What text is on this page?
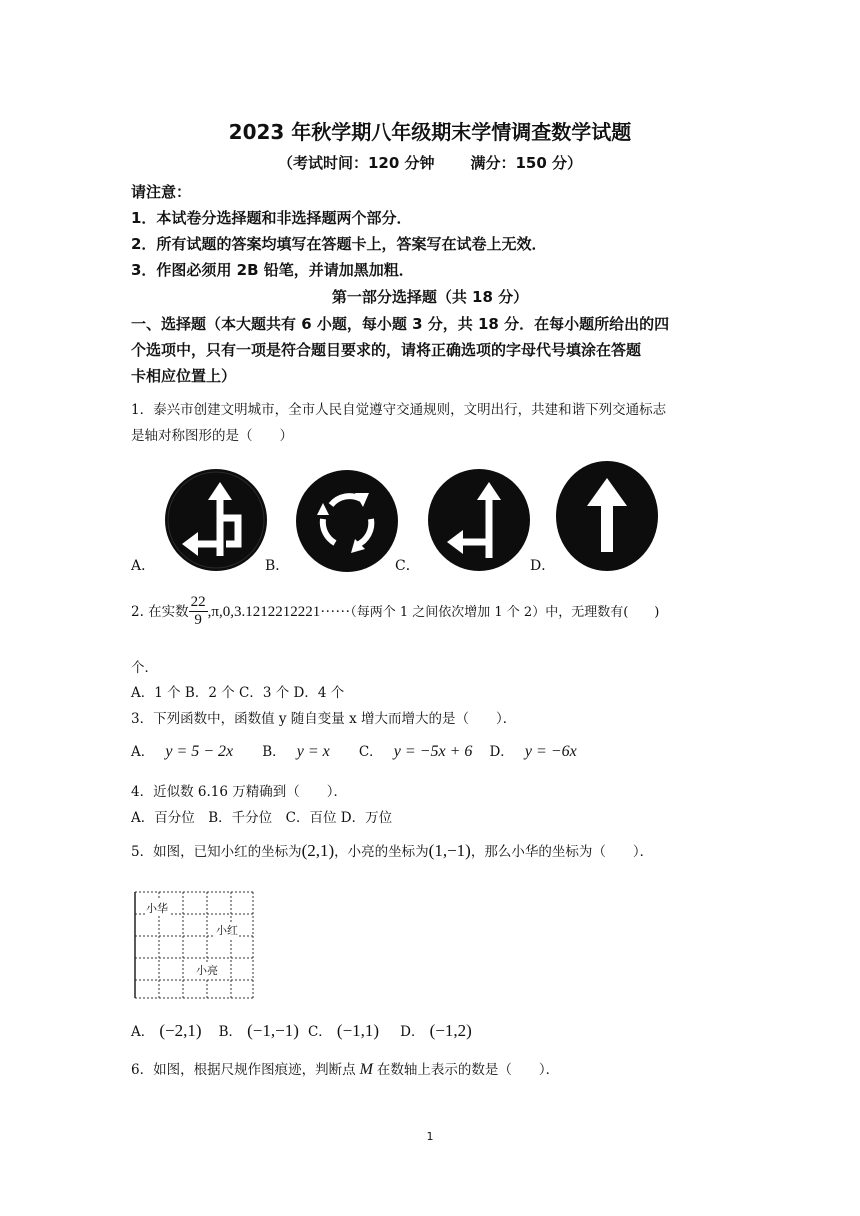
2023 年秋学期八年级期末学情调查数学试题
（考试时间：120 分钟 满分：150 分）
请注意：
1．本试卷分选择题和非选择题两个部分．
2．所有试题的答案均填写在答题卡上，答案写在试卷上无效．
3．作图必须用 2B 铅笔，并请加黑加粗．
第一部分选择题（共 18 分）
一、选择题（本大题共有 6 小题，每小题 3 分，共 18 分．在每小题所给出的四
个选项中，只有一项是符合题目要求的，请将正确选项的字母代号填涂在答题
卡相应位置上）
1．泰兴市创建文明城市，全市人民自觉遵守交通规则，文明出行，共建和谐下列交通标志
是轴对称图形的是（　　）
A．	B．	C．	D．
2. 在实数 $\frac{22}{9} ,\pi,0,3.1212212221\cdot\cdot\cdot\cdot\cdot\cdot$（每两个 1 之间依次增加 1 个 2）中，无理数有(　　)
个．
A．1 个 B．2 个 C．3 个 D．4 个
3．下列函数中，函数值 y 随自变量 x 增大而增大的是（　　）．
A． y = 5 − 2x B． y = x C． y = −5x + 6 D． y = −6x
4．近似数 6.16 万精确到（　　）．
A．百分位　B．千分位　C．百位 D．万位
5．如图，已知小红的坐标为(2,1)，小亮的坐标为(1,−1)，那么小华的坐标为（　　）．
小华
小红
小亮
A． (−2,1) B． (−1,−1) C． (−1,1) D． (−1,2)
6．如图，根据尺规作图痕迹，判断点 M 在数轴上表示的数是（　　）．
1
